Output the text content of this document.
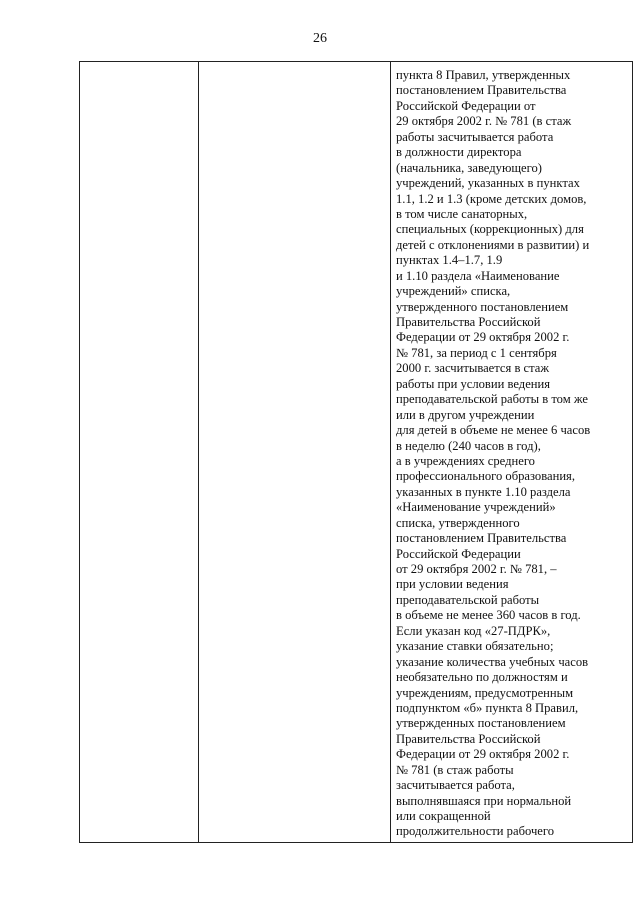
26
пункта 8 Правил, утвержденных
постановлением Правительства
Российской Федерации от
29 октября 2002 г. № 781 (в стаж
работы засчитывается работа
в должности директора
(начальника, заведующего)
учреждений, указанных в пунктах
1.1, 1.2 и 1.3 (кроме детских домов,
в том числе санаторных,
специальных (коррекционных) для
детей с отклонениями в развитии) и
пунктах 1.4–1.7, 1.9
и 1.10 раздела «Наименование
учреждений» списка,
утвержденного постановлением
Правительства Российской
Федерации от 29 октября 2002 г.
№ 781, за период с 1 сентября
2000 г. засчитывается в стаж
работы при условии ведения
преподавательской работы в том же
или в другом учреждении
для детей в объеме не менее 6 часов
в неделю (240 часов в год),
а в учреждениях среднего
профессионального образования,
указанных в пункте 1.10 раздела
«Наименование учреждений»
списка, утвержденного
постановлением Правительства
Российской Федерации
от 29 октября 2002 г. № 781, –
при условии ведения
преподавательской работы
в объеме не менее 360 часов в год.
Если указан код «27-ПДРК»,
указание ставки обязательно;
указание количества учебных часов
необязательно по должностям и
учреждениям, предусмотренным
подпунктом «б» пункта 8 Правил,
утвержденных постановлением
Правительства Российской
Федерации от 29 октября 2002 г.
№ 781 (в стаж работы
засчитывается работа,
выполнявшаяся при нормальной
или сокращенной
продолжительности рабочего
